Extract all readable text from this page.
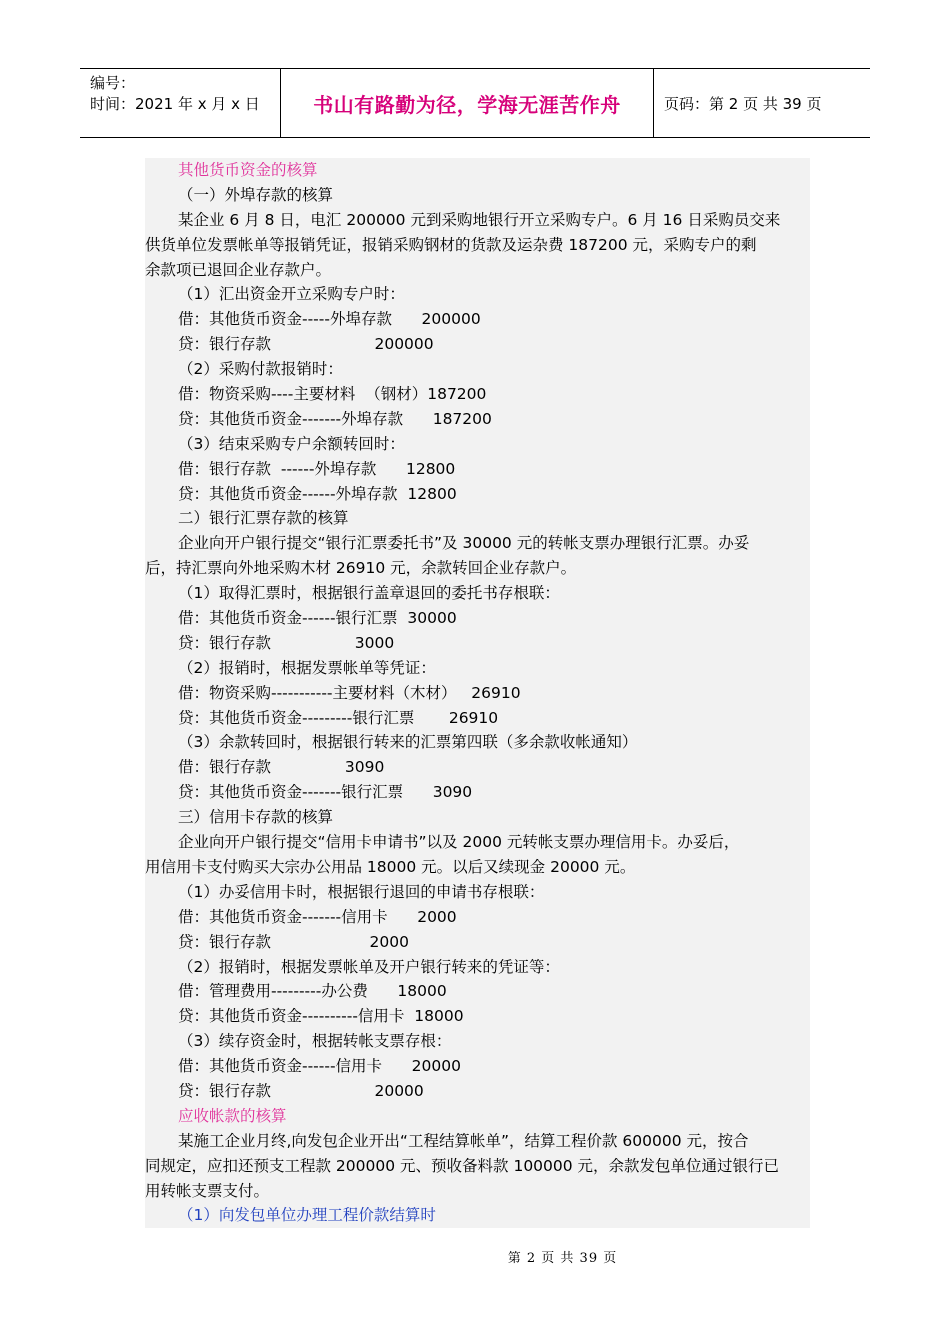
编号：
时间：2021 年 x 月 x 日	书山有路勤为径，学海无涯苦作舟	页码：第 2 页 共 39 页
其他货币资金的核算
（一）外埠存款的核算
某企业 6 月 8 日，电汇 200000 元到采购地银行开立采购专户。6 月 16 日采购员交来
供货单位发票帐单等报销凭证，报销采购钢材的货款及运杂费 187200 元，采购专户的剩
余款项已退回企业存款户。
（1）汇出资金开立采购专户时：
借：其他货币资金-----外埠存款      200000
贷：银行存款                     200000
（2）采购付款报销时：
借：物资采购----主要材料  （钢材）187200
贷：其他货币资金-------外埠存款      187200
（3）结束采购专户余额转回时：
借：银行存款  ------外埠存款      12800
贷：其他货币资金------外埠存款  12800
二）银行汇票存款的核算
企业向开户银行提交“银行汇票委托书”及 30000 元的转帐支票办理银行汇票。办妥
后，持汇票向外地采购木材 26910 元，余款转回企业存款户。
（1）取得汇票时，根据银行盖章退回的委托书存根联：
借：其他货币资金------银行汇票  30000
贷：银行存款                 3000
（2）报销时，根据发票帐单等凭证：
借：物资采购-----------主要材料（木材）   26910
贷：其他货币资金---------银行汇票       26910
（3）余款转回时，根据银行转来的汇票第四联（多余款收帐通知）
借：银行存款               3090
贷：其他货币资金-------银行汇票      3090
三）信用卡存款的核算
企业向开户银行提交“信用卡申请书”以及 2000 元转帐支票办理信用卡。办妥后，
用信用卡支付购买大宗办公用品 18000 元。以后又续现金 20000 元。
（1）办妥信用卡时，根据银行退回的申请书存根联：
借：其他货币资金-------信用卡      2000
贷：银行存款                    2000
（2）报销时，根据发票帐单及开户银行转来的凭证等：
借：管理费用---------办公费      18000
贷：其他货币资金----------信用卡  18000
（3）续存资金时，根据转帐支票存根：
借：其他货币资金------信用卡      20000
贷：银行存款                     20000
应收帐款的核算
某施工企业月终,向发包企业开出“工程结算帐单”，结算工程价款 600000 元，按合
同规定，应扣还预支工程款 200000 元、预收备料款 100000 元，余款发包单位通过银行已
用转帐支票支付。
（1）向发包单位办理工程价款结算时
第 2 页 共 39 页
